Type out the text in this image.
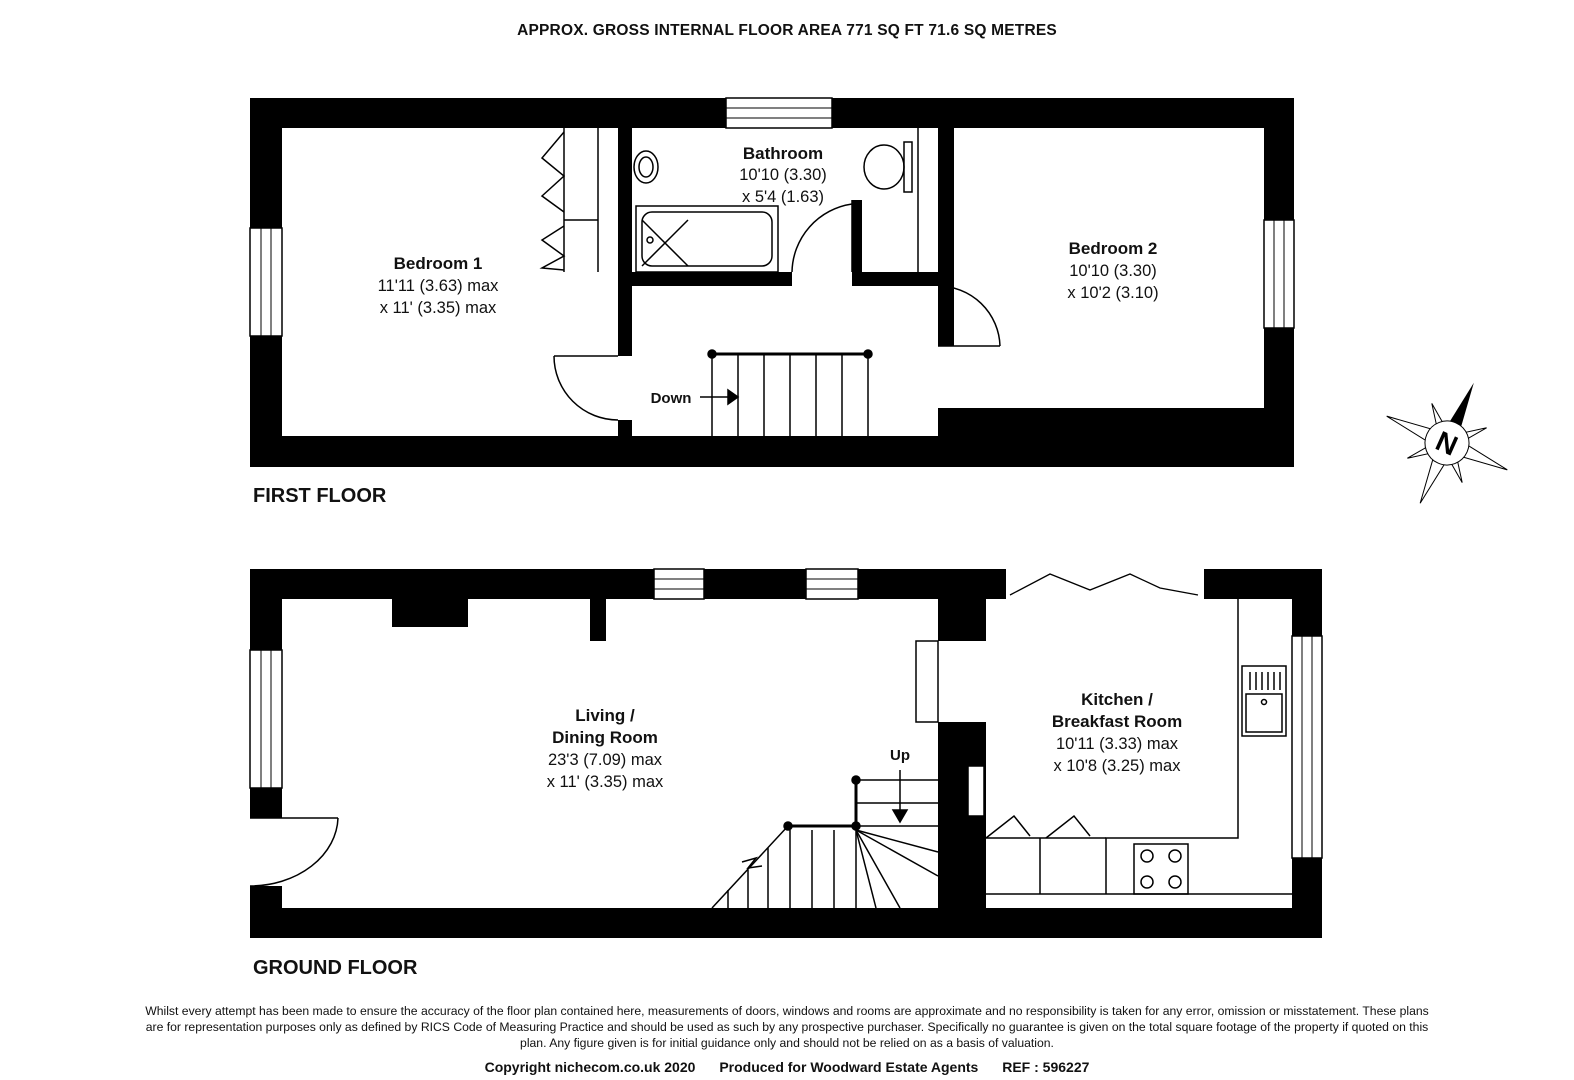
APPROX. GROSS INTERNAL FLOOR AREA 771 SQ FT 71.6 SQ METRES
Bedroom 1
11'11 (3.63) max
x 11' (3.35) max
Bathroom
10'10 (3.30)
x 5'4 (1.63)
Bedroom 2
10'10 (3.30)
x 10'2 (3.10)
Down
Living /
Dining Room
23'3 (7.09) max
x 11' (3.35) max
Kitchen /
Breakfast Room
10'11 (3.33) max
x 10'8 (3.25) max
Up
N
FIRST FLOOR
GROUND FLOOR
Whilst every attempt has been made to ensure the accuracy of the floor plan contained here, measurements of doors, windows and rooms are approximate and no responsibility is taken for any error, omission or misstatement. These plans are for representation purposes only as defined by RICS Code of Measuring Practice and should be used as such by any prospective purchaser. Specifically no guarantee is given on the total square footage of the property if quoted on this plan. Any figure given is for initial guidance only and should not be relied on as a basis of valuation.
Copyright nichecom.co.uk 2020 Produced for Woodward Estate Agents REF : 596227
